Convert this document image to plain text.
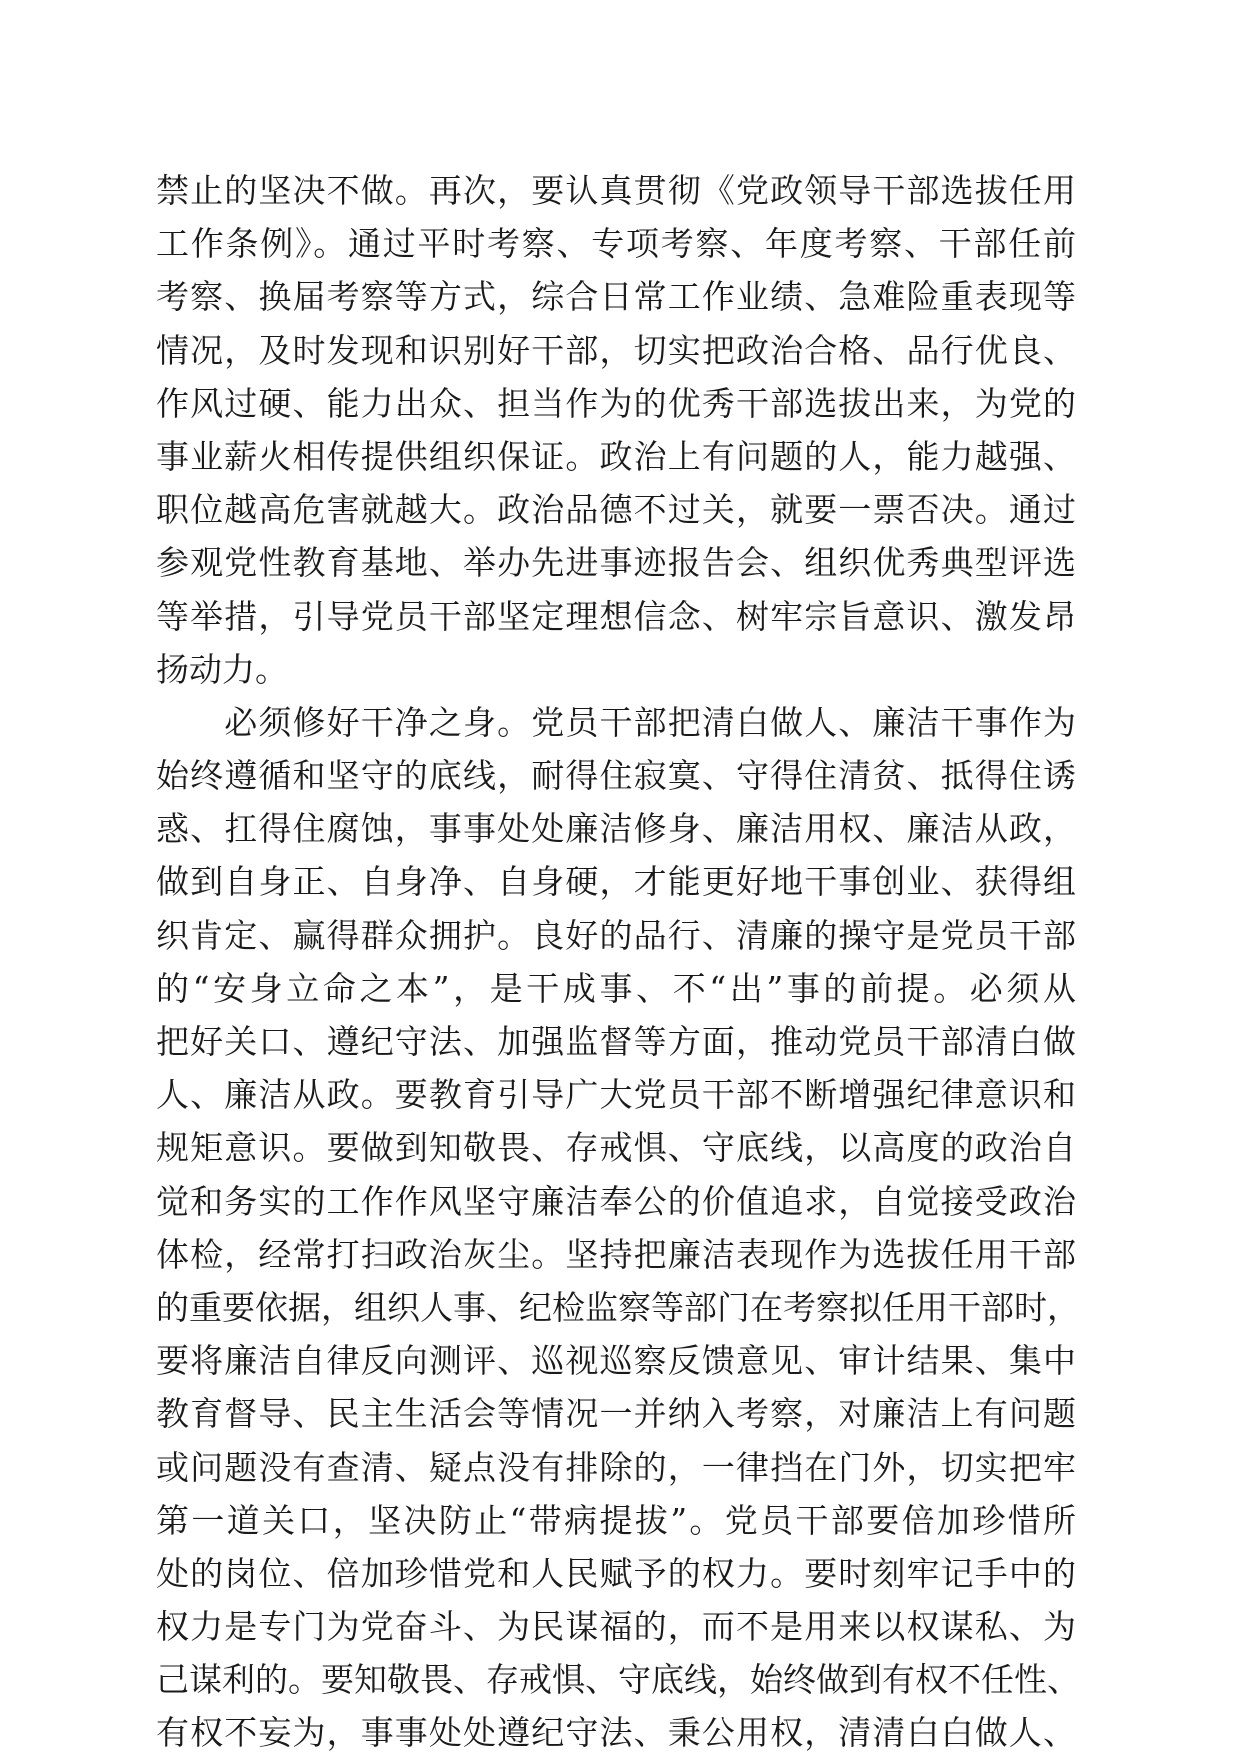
禁止的坚决不做。再次，要认真贯彻《党政领导干部选拔任用
工作条例》。通过平时考察、专项考察、年度考察、干部任前
考察、换届考察等方式，综合日常工作业绩、急难险重表现等
情况，及时发现和识别好干部，切实把政治合格、品行优良、
作风过硬、能力出众、担当作为的优秀干部选拔出来，为党的
事业薪火相传提供组织保证。政治上有问题的人，能力越强、
职位越高危害就越大。政治品德不过关，就要一票否决。通过
参观党性教育基地、举办先进事迹报告会、组织优秀典型评选
等举措，引导党员干部坚定理想信念、树牢宗旨意识、激发昂
扬动力。
　　必须修好干净之身。党员干部把清白做人、廉洁干事作为
始终遵循和坚守的底线，耐得住寂寞、守得住清贫、抵得住诱
惑、扛得住腐蚀，事事处处廉洁修身、廉洁用权、廉洁从政，
做到自身正、自身净、自身硬，才能更好地干事创业、获得组
织肯定、赢得群众拥护。良好的品行、清廉的操守是党员干部
的“安身立命之本”，是干成事、不“出”事的前提。必须从
把好关口、遵纪守法、加强监督等方面，推动党员干部清白做
人、廉洁从政。要教育引导广大党员干部不断增强纪律意识和
规矩意识。要做到知敬畏、存戒惧、守底线，以高度的政治自
觉和务实的工作作风坚守廉洁奉公的价值追求，自觉接受政治
体检，经常打扫政治灰尘。坚持把廉洁表现作为选拔任用干部
的重要依据，组织人事、纪检监察等部门在考察拟任用干部时，
要将廉洁自律反向测评、巡视巡察反馈意见、审计结果、集中
教育督导、民主生活会等情况一并纳入考察，对廉洁上有问题
或问题没有查清、疑点没有排除的，一律挡在门外，切实把牢
第一道关口，坚决防止“带病提拔”。党员干部要倍加珍惜所
处的岗位、倍加珍惜党和人民赋予的权力。要时刻牢记手中的
权力是专门为党奋斗、为民谋福的，而不是用来以权谋私、为
己谋利的。要知敬畏、存戒惧、守底线，始终做到有权不任性、
有权不妄为，事事处处遵纪守法、秉公用权，清清白白做人、
